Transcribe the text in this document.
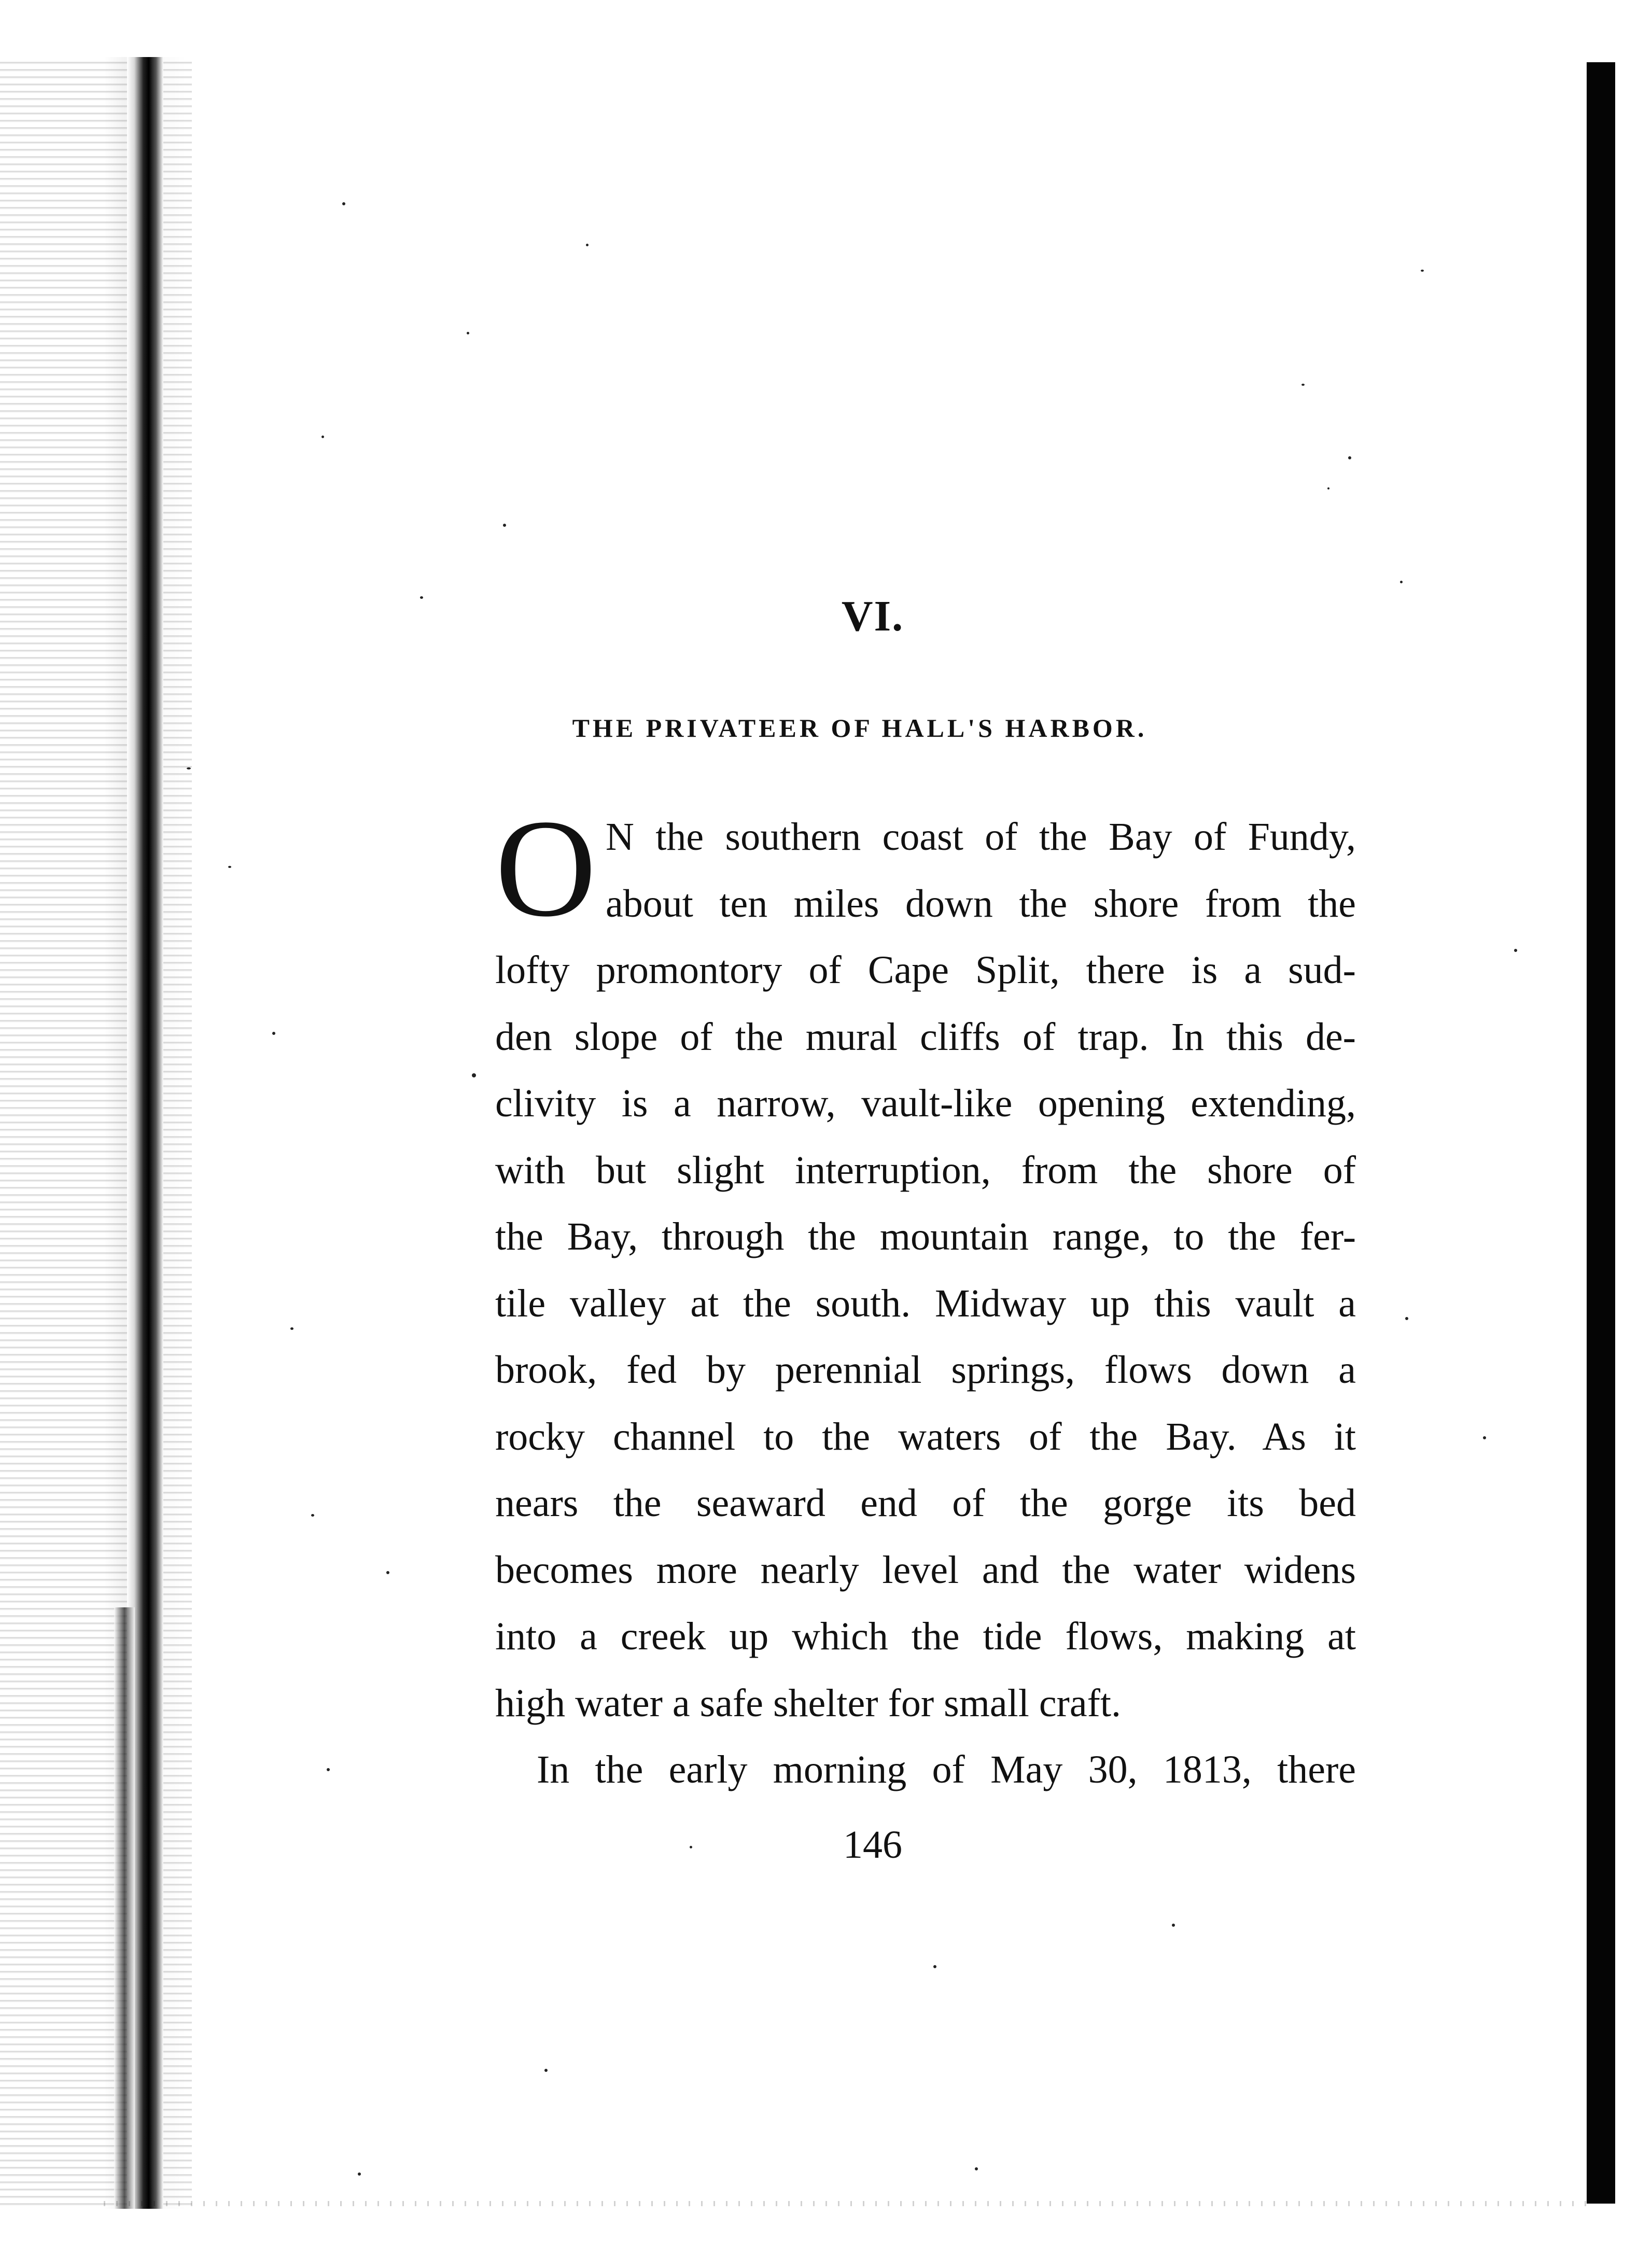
VI.
THE PRIVATEER OF HALL'S HARBOR.

O N the southern coast of the Bay of Fundy,
about ten miles down the shore from the
lofty promontory of Cape Split, there is a sud-
den slope of the mural cliffs of trap. In this de-
clivity is a narrow, vault-like opening extending,
with but slight interruption, from the shore of
the Bay, through the mountain range, to the fer-
tile valley at the south. Midway up this vault a
brook, fed by perennial springs, flows down a
rocky channel to the waters of the Bay. As it
nears the seaward end of the gorge its bed
becomes more nearly level and the water widens
into a creek up which the tide flows, making at
high water a safe shelter for small craft.

In the early morning of May 30, 1813, there

146
